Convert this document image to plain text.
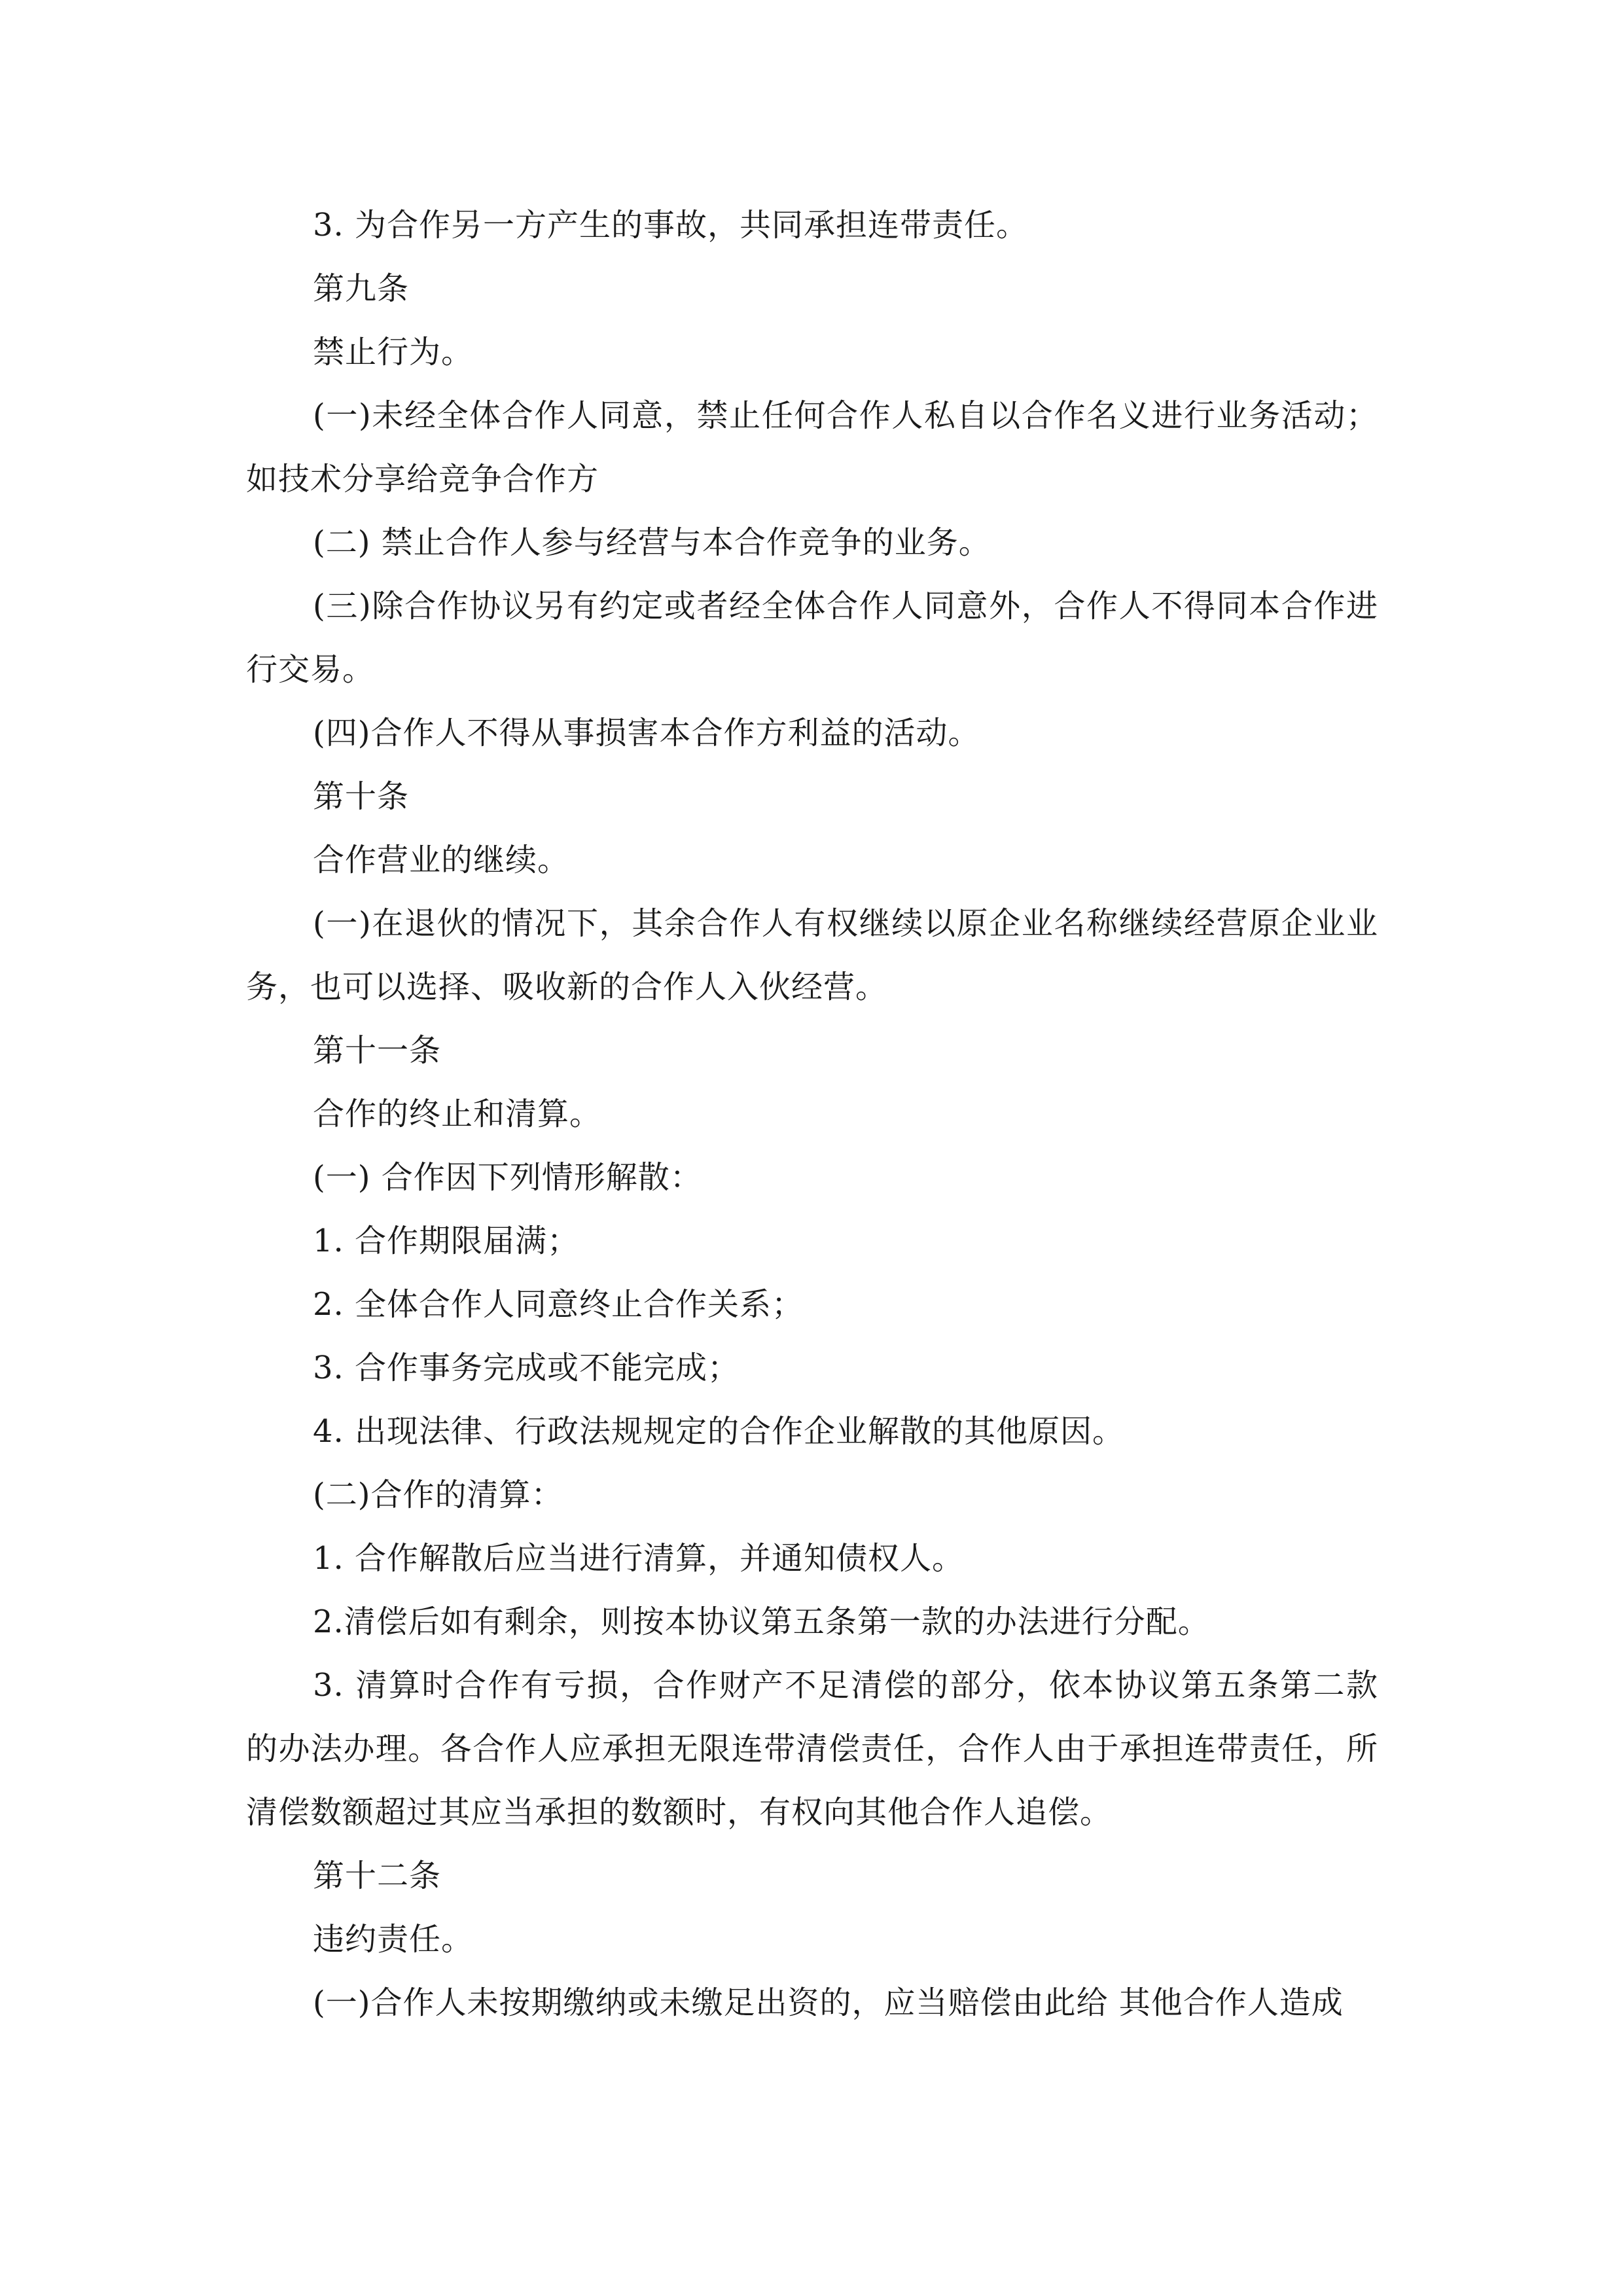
3. 为合作另一方产生的事故，共同承担连带责任。

第九条

禁止行为。

(一)未经全体合作人同意，禁止任何合作人私自以合作名义进行业务活动；如技术分享给竞争合作方

(二) 禁止合作人参与经营与本合作竞争的业务。

(三)除合作协议另有约定或者经全体合作人同意外，合作人不得同本合作进行交易。

(四)合作人不得从事损害本合作方利益的活动。

第十条

合作营业的继续。

(一)在退伙的情况下，其余合作人有权继续以原企业名称继续经营原企业业务，也可以选择、吸收新的合作人入伙经营。

第十一条

合作的终止和清算。

(一) 合作因下列情形解散：

1. 合作期限届满；

2. 全体合作人同意终止合作关系；

3. 合作事务完成或不能完成；

4. 出现法律、行政法规规定的合作企业解散的其他原因。

(二)合作的清算：

1. 合作解散后应当进行清算，并通知债权人。

2.清偿后如有剩余，则按本协议第五条第一款的办法进行分配。

3. 清算时合作有亏损，合作财产不足清偿的部分，依本协议第五条第二款的办法办理。各合作人应承担无限连带清偿责任，合作人由于承担连带责任，所清偿数额超过其应当承担的数额时，有权向其他合作人追偿。

第十二条

违约责任。

(一)合作人未按期缴纳或未缴足出资的，应当赔偿由此给 其他合作人造成
